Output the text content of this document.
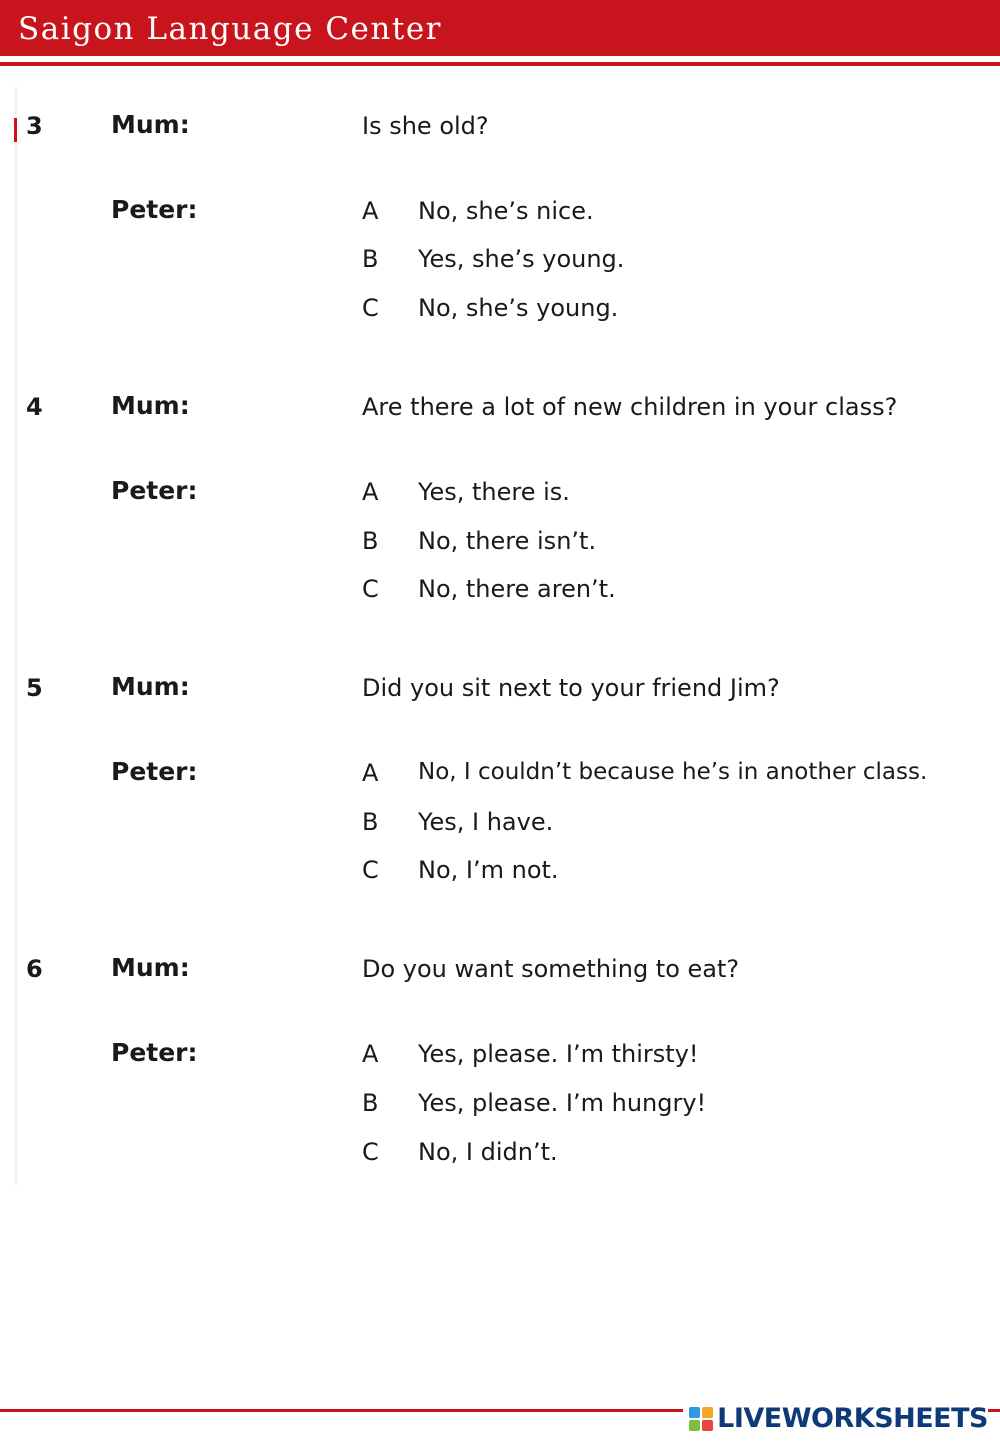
Saigon Language Center
3	Mum:	Is she old?
Peter:	A No, she’s nice.
B Yes, she’s young.
C No, she’s young.
4	Mum:	Are there a lot of new children in your class?
Peter:	A Yes, there is.
B No, there isn’t.
C No, there aren’t.
5	Mum:	Did you sit next to your friend Jim?
Peter:	A No, I couldn’t because he’s in another class.
B Yes, I have.
C No, I’m not.
6	Mum:	Do you want something to eat?
Peter:	A Yes, please. I’m thirsty!
B Yes, please. I’m hungry!
C No, I didn’t.
LIVEWORKSHEETS
